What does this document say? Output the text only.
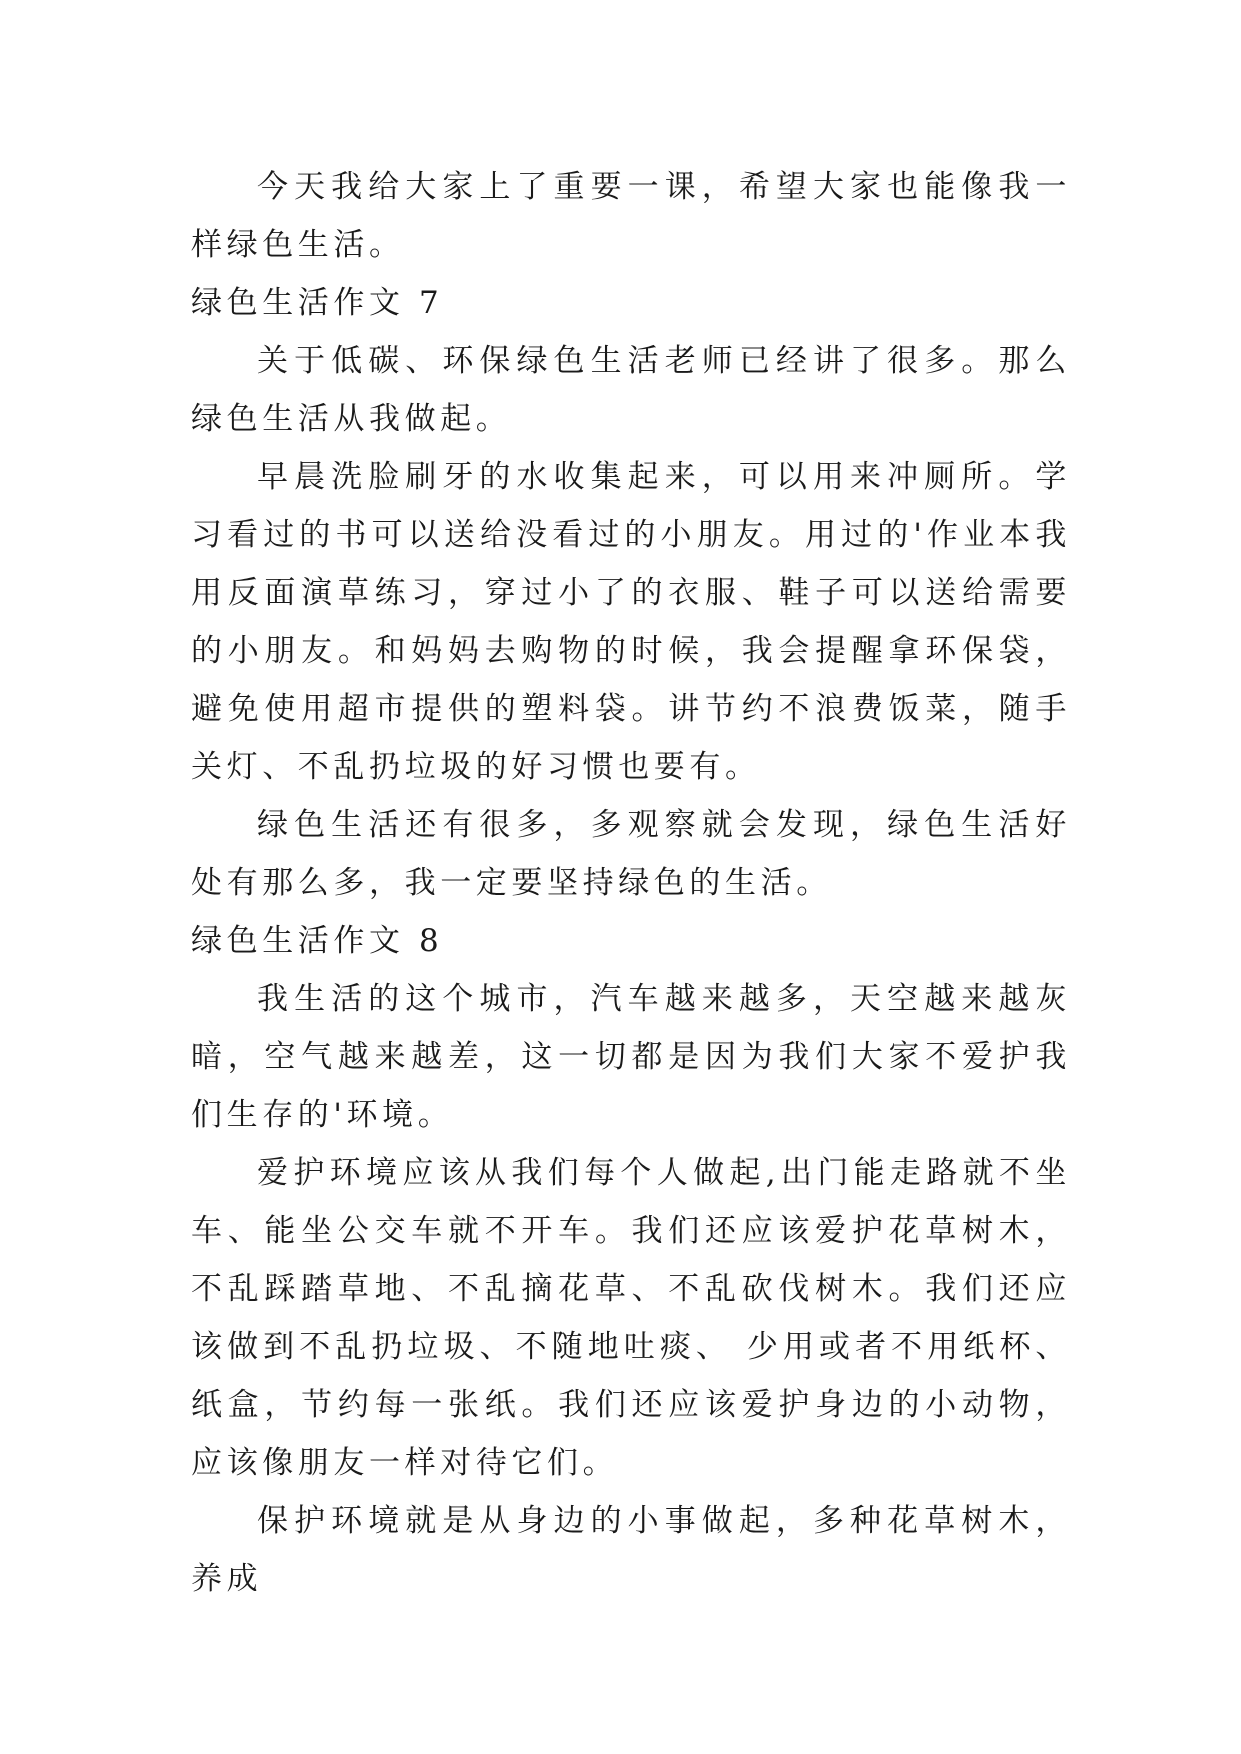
今天我给大家上了重要一课，希望大家也能像我一样绿色生活。

绿色生活作文 7

关于低碳、环保绿色生活老师已经讲了很多。那么绿色生活从我做起。

早晨洗脸刷牙的水收集起来，可以用来冲厕所。学习看过的书可以送给没看过的小朋友。用过的'作业本我用反面演草练习，穿过小了的衣服、鞋子可以送给需要的小朋友。和妈妈去购物的时候，我会提醒拿环保袋，避免使用超市提供的塑料袋。讲节约不浪费饭菜，随手关灯、不乱扔垃圾的好习惯也要有。

绿色生活还有很多，多观察就会发现，绿色生活好处有那么多，我一定要坚持绿色的生活。

绿色生活作文 8

我生活的这个城市，汽车越来越多，天空越来越灰暗，空气越来越差，这一切都是因为我们大家不爱护我们生存的'环境。

爱护环境应该从我们每个人做起,出门能走路就不坐车、能坐公交车就不开车。我们还应该爱护花草树木，不乱踩踏草地、不乱摘花草、不乱砍伐树木。我们还应该做到不乱扔垃圾、不随地吐痰、 少用或者不用纸杯、纸盒，节约每一张纸。我们还应该爱护身边的小动物，应该像朋友一样对待它们。

保护环境就是从身边的小事做起，多种花草树木，养成
